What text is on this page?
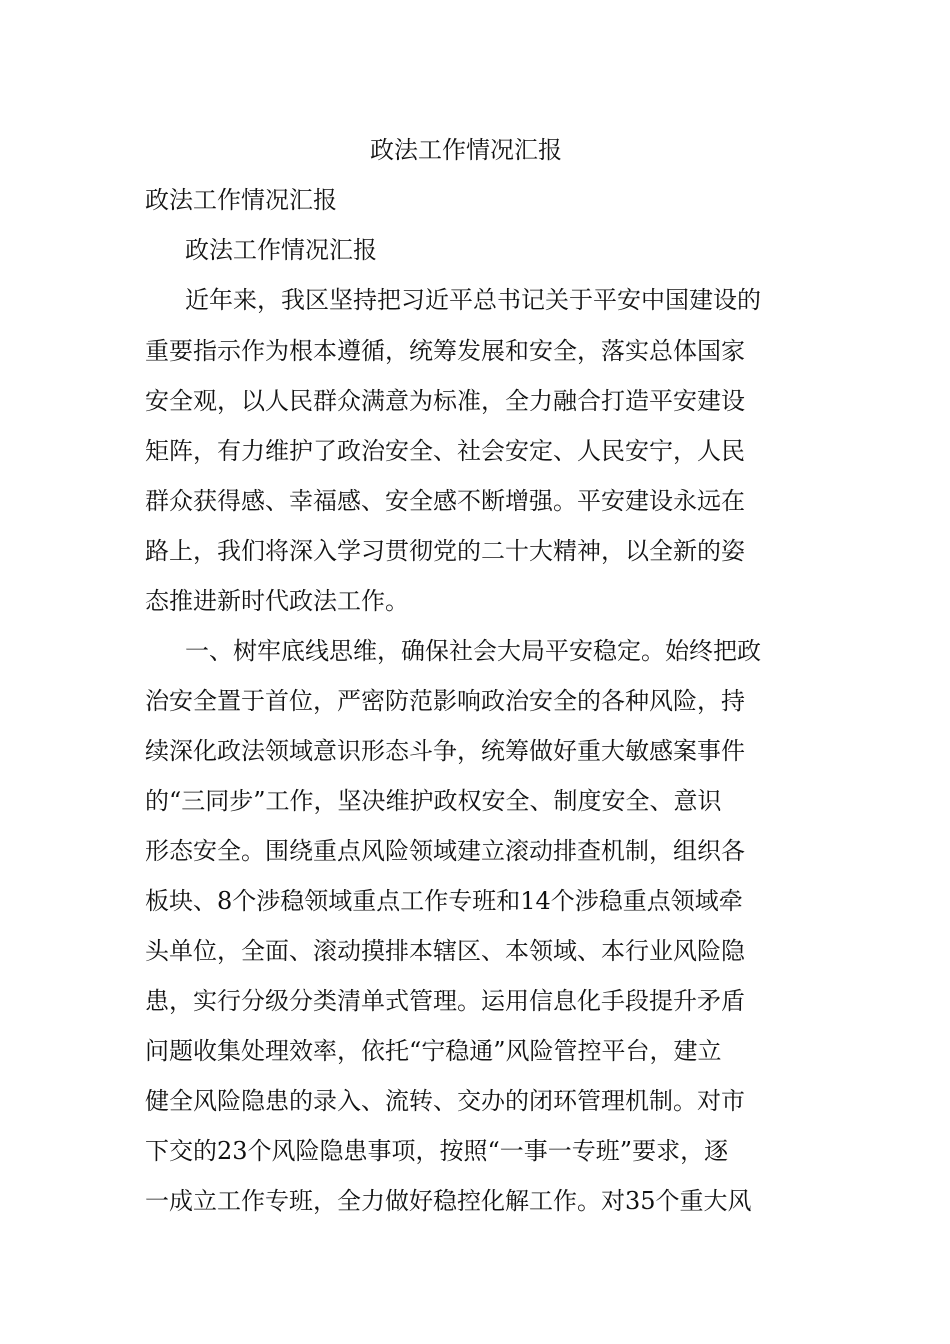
政法工作情况汇报
政法工作情况汇报
政法工作情况汇报
近年来，我区坚持把习近平总书记关于平安中国建设的
重要指示作为根本遵循，统筹发展和安全，落实总体国家
安全观，以人民群众满意为标准，全力融合打造平安建设
矩阵，有力维护了政治安全、社会安定、人民安宁，人民
群众获得感、幸福感、安全感不断增强。平安建设永远在
路上，我们将深入学习贯彻党的二十大精神，以全新的姿
态推进新时代政法工作。
一、树牢底线思维，确保社会大局平安稳定。始终把政
治安全置于首位，严密防范影响政治安全的各种风险，持
续深化政法领域意识形态斗争，统筹做好重大敏感案事件
的“三同步”工作，坚决维护政权安全、制度安全、意识
形态安全。围绕重点风险领域建立滚动排查机制，组织各
板块、8个涉稳领域重点工作专班和14个涉稳重点领域牵
头单位，全面、滚动摸排本辖区、本领域、本行业风险隐
患，实行分级分类清单式管理。运用信息化手段提升矛盾
问题收集处理效率，依托“宁稳通”风险管控平台，建立
健全风险隐患的录入、流转、交办的闭环管理机制。对市
下交的23个风险隐患事项，按照“一事一专班”要求，逐
一成立工作专班，全力做好稳控化解工作。对35个重大风
